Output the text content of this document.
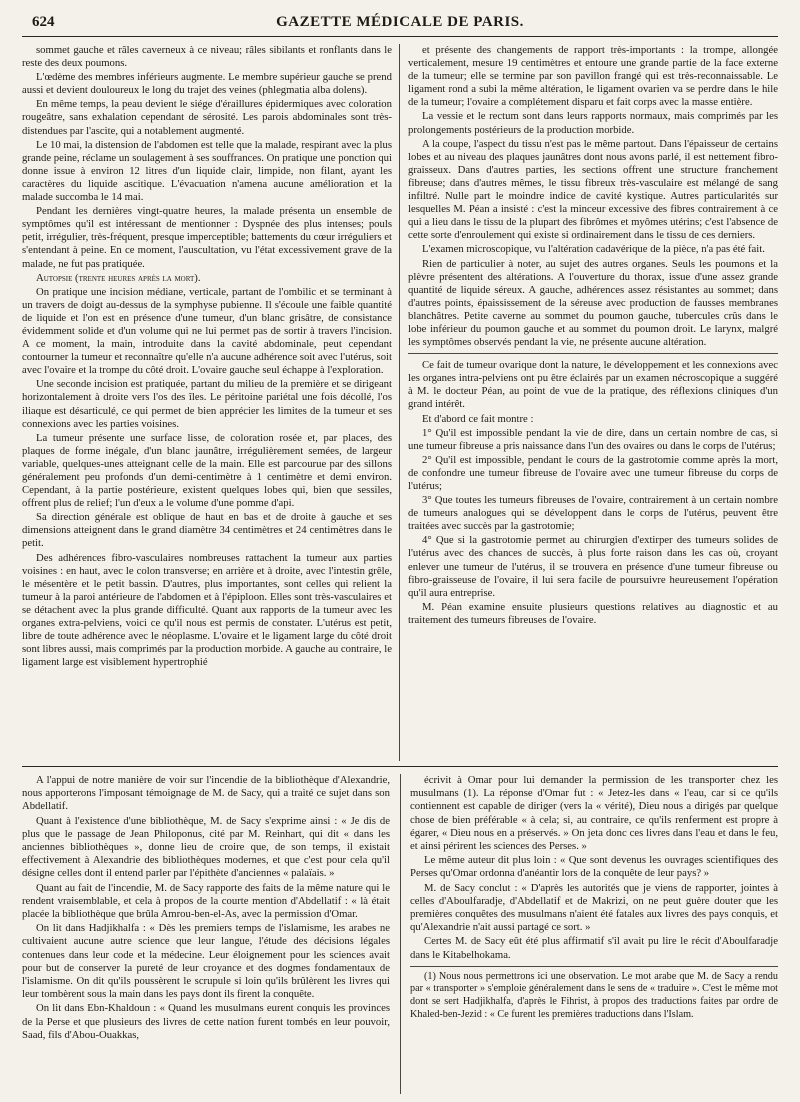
624	GAZETTE MÉDICALE DE PARIS.

sommet gauche et râles caverneux à ce niveau; râles sibilants et ronflants dans le reste des deux poumons.

L'œdème des membres inférieurs augmente. Le membre supérieur gauche se prend aussi et devient douloureux le long du trajet des veines (phlegmatia alba dolens).

En même temps, la peau devient le siége d'éraillures épidermiques avec coloration rougeâtre, sans exhalation cependant de sérosité. Les parois abdominales sont très-distendues par l'ascite, qui a notablement augmenté.

Le 10 mai, la distension de l'abdomen est telle que la malade, respirant avec la plus grande peine, réclame un soulagement à ses souffrances. On pratique une ponction qui donne issue à environ 12 litres d'un liquide clair, limpide, non filant, ayant les caractères du liquide ascitique. L'évacuation n'amena aucune amélioration et la malade succomba le 14 mai.

Pendant les dernières vingt-quatre heures, la malade présenta un ensemble de symptômes qu'il est intéressant de mentionner : Dyspnée des plus intenses; pouls petit, irrégulier, très-fréquent, presque imperceptible; battements du cœur irréguliers et s'entendant à peine. En ce moment, l'auscultation, vu l'état excessivement grave de la malade, ne fut pas pratiquée.

Autopsie (trente heures après la mort).

On pratique une incision médiane, verticale, partant de l'ombilic et se terminant à un travers de doigt au-dessus de la symphyse pubienne. Il s'écoule une faible quantité de liquide et l'on est en présence d'une tumeur, d'un blanc grisâtre, de consistance évidemment solide et d'un volume qui ne lui permet pas de sortir à travers l'incision. A ce moment, la main, introduite dans la cavité abdominale, peut cependant contourner la tumeur et reconnaître qu'elle n'a aucune adhérence soit avec l'utérus, soit avec l'ovaire et la trompe du côté droit. L'ovaire gauche seul échappe à l'exploration.

Une seconde incision est pratiquée, partant du milieu de la première et se dirigeant horizontalement à droite vers l'os des îles. Le péritoine pariétal une fois décollé, l'os iliaque est désarticulé, ce qui permet de bien apprécier les limites de la tumeur et ses connexions avec les parties voisines.

La tumeur présente une surface lisse, de coloration rosée et, par places, des plaques de forme inégale, d'un blanc jaunâtre, irrégulièrement semées, de largeur variable, quelques-unes atteignant celle de la main. Elle est parcourue par des sillons généralement peu profonds d'un demi-centimètre à 1 centimètre et demi environ. Cependant, à la partie postérieure, existent quelques lobes qui, bien que sessiles, offrent plus de relief; l'un d'eux a le volume d'une pomme d'api.

Sa direction générale est oblique de haut en bas et de droite à gauche et ses dimensions atteignent dans le grand diamètre 34 centimètres et 24 centimètres dans le petit.

Des adhérences fibro-vasculaires nombreuses rattachent la tumeur aux parties voisines : en haut, avec le colon transverse; en arrière et à droite, avec l'intestin grêle, le mésentère et le petit bassin. D'autres, plus importantes, sont celles qui relient la tumeur à la paroi antérieure de l'abdomen et à l'épiploon. Elles sont très-vasculaires et se détachent avec la plus grande difficulté. Quant aux rapports de la tumeur avec les organes extra-pelviens, voici ce qu'il nous est permis de constater. L'utérus est petit, libre de toute adhérence avec le néoplasme. L'ovaire et le ligament large du côté droit sont libres aussi, mais comprimés par la production morbide. A gauche au contraire, le ligament large est visiblement hypertrophié

et présente des changements de rapport très-importants : la trompe, allongée verticalement, mesure 19 centimètres et entoure une grande partie de la face externe de la tumeur; elle se termine par son pavillon frangé qui est très-reconnaissable. Le ligament rond a subi la même altération, le ligament ovarien va se perdre dans le hile de la tumeur; l'ovaire a complétement disparu et fait corps avec la masse entière.

La vessie et le rectum sont dans leurs rapports normaux, mais comprimés par les prolongements postérieurs de la production morbide.

A la coupe, l'aspect du tissu n'est pas le même partout. Dans l'épaisseur de certains lobes et au niveau des plaques jaunâtres dont nous avons parlé, il est nettement fibro-graisseux. Dans d'autres parties, les sections offrent une structure franchement fibreuse; dans d'autres mêmes, le tissu fibreux très-vasculaire est mélangé de sang infiltré. Nulle part le moindre indice de cavité kystique. Autres particularités sur lesquelles M. Péan a insisté : c'est la minceur excessive des fibres contrairement à ce qui a lieu dans le tissu de la plupart des fibrômes et myômes utérins; c'est l'absence de cette sorte d'enroulement qui existe si ordinairement dans le tissu de ces derniers.

L'examen microscopique, vu l'altération cadavérique de la pièce, n'a pas été fait.

Rien de particulier à noter, au sujet des autres organes. Seuls les poumons et la plèvre présentent des altérations. A l'ouverture du thorax, issue d'une assez grande quantité de liquide séreux. A gauche, adhérences assez résistantes au sommet; dans d'autres points, épaississement de la séreuse avec production de fausses membranes blanchâtres. Petite caverne au sommet du poumon gauche, tubercules crûs dans le lobe inférieur du poumon gauche et au sommet du poumon droit. Le larynx, malgré les symptômes observés pendant la vie, ne présente aucune altération.

Ce fait de tumeur ovarique dont la nature, le développement et les connexions avec les organes intra-pelviens ont pu être éclairés par un examen nécroscopique a suggéré à M. le docteur Péan, au point de vue de la pratique, des réflexions cliniques d'un grand intérêt.

Et d'abord ce fait montre :

1° Qu'il est impossible pendant la vie de dire, dans un certain nombre de cas, si une tumeur fibreuse a pris naissance dans l'un des ovaires ou dans le corps de l'utérus;

2° Qu'il est impossible, pendant le cours de la gastrotomie comme après la mort, de confondre une tumeur fibreuse de l'ovaire avec une tumeur fibreuse du corps de l'utérus;

3° Que toutes les tumeurs fibreuses de l'ovaire, contrairement à un certain nombre de tumeurs analogues qui se développent dans le corps de l'utérus, peuvent être traitées avec succès par la gastrotomie;

4° Que si la gastrotomie permet au chirurgien d'extirper des tumeurs solides de l'utérus avec des chances de succès, à plus forte raison dans les cas où, croyant enlever une tumeur de l'utérus, il se trouvera en présence d'une tumeur fibreuse ou fibro-graisseuse de l'ovaire, il lui sera facile de poursuivre heureusement l'opération qu'il aura entreprise.

M. Péan examine ensuite plusieurs questions relatives au diagnostic et au traitement des tumeurs fibreuses de l'ovaire.

A l'appui de notre manière de voir sur l'incendie de la bibliothèque d'Alexandrie, nous apporterons l'imposant témoignage de M. de Sacy, qui a traité ce sujet dans son Abdellatif.

Quant à l'existence d'une bibliothèque, M. de Sacy s'exprime ainsi : « Je dis de plus que le passage de Jean Philoponus, cité par M. Reinhart, qui dit « dans les anciennes bibliothèques », donne lieu de croire que, de son temps, il existait effectivement à Alexandrie des bibliothèques modernes, et que c'est pour cela qu'il désigne celles dont il entend parler par l'épithète d'anciennes « palaïais. »

Quant au fait de l'incendie, M. de Sacy rapporte des faits de la même nature qui le rendent vraisemblable, et cela à propos de la courte mention d'Abdellatif : « là était placée la bibliothèque que brûla Amrou-ben-el-As, avec la permission d'Omar.

On lit dans Hadjikhalfa : « Dès les premiers temps de l'islamisme, les arabes ne cultivaient aucune autre science que leur langue, l'étude des décisions légales contenues dans leur code et la médecine. Leur éloignement pour les sciences avait pour but de conserver la pureté de leur croyance et des dogmes fondamentaux de l'islamisme. On dit qu'ils poussèrent le scrupule si loin qu'ils brûlèrent les livres qui leur tombèrent sous la main dans les pays dont ils firent la conquête.

On lit dans Ebn-Khaldoun : « Quand les musulmans eurent conquis les provinces de la Perse et que plusieurs des livres de cette nation furent tombés en leur pouvoir, Saad, fils d'Abou-Ouakkas,

écrivit à Omar pour lui demander la permission de les transporter chez les musulmans (1). La réponse d'Omar fut : « Jetez-les dans « l'eau, car si ce qu'ils contiennent est capable de diriger (vers la « vérité), Dieu nous a dirigés par quelque chose de bien préférable « à cela; si, au contraire, ce qu'ils renferment est propre à égarer, « Dieu nous en a préservés. » On jeta donc ces livres dans l'eau et dans le feu, et ainsi périrent les sciences des Perses. »

Le même auteur dit plus loin : « Que sont devenus les ouvrages scientifiques des Perses qu'Omar ordonna d'anéantir lors de la conquête de leur pays? »

M. de Sacy conclut : « D'après les autorités que je viens de rapporter, jointes à celles d'Aboulfaradje, d'Abdellatif et de Makrizi, on ne peut guère douter que les premières conquêtes des musulmans n'aient été fatales aux livres des pays conquis, et qu'Alexandrie n'ait aussi partagé ce sort. »

Certes M. de Sacy eût été plus affirmatif s'il avait pu lire le récit d'Aboulfaradje dans le Kitabelhokama.

(1) Nous nous permettrons ici une observation. Le mot arabe que M. de Sacy a rendu par « transporter » s'emploie généralement dans le sens de « traduire ». C'est le même mot dont se sert Hadjikhalfa, d'après le Fihrist, à propos des traductions faites par ordre de Khaled-ben-Jezid : « Ce furent les premières traductions dans l'Islam.
